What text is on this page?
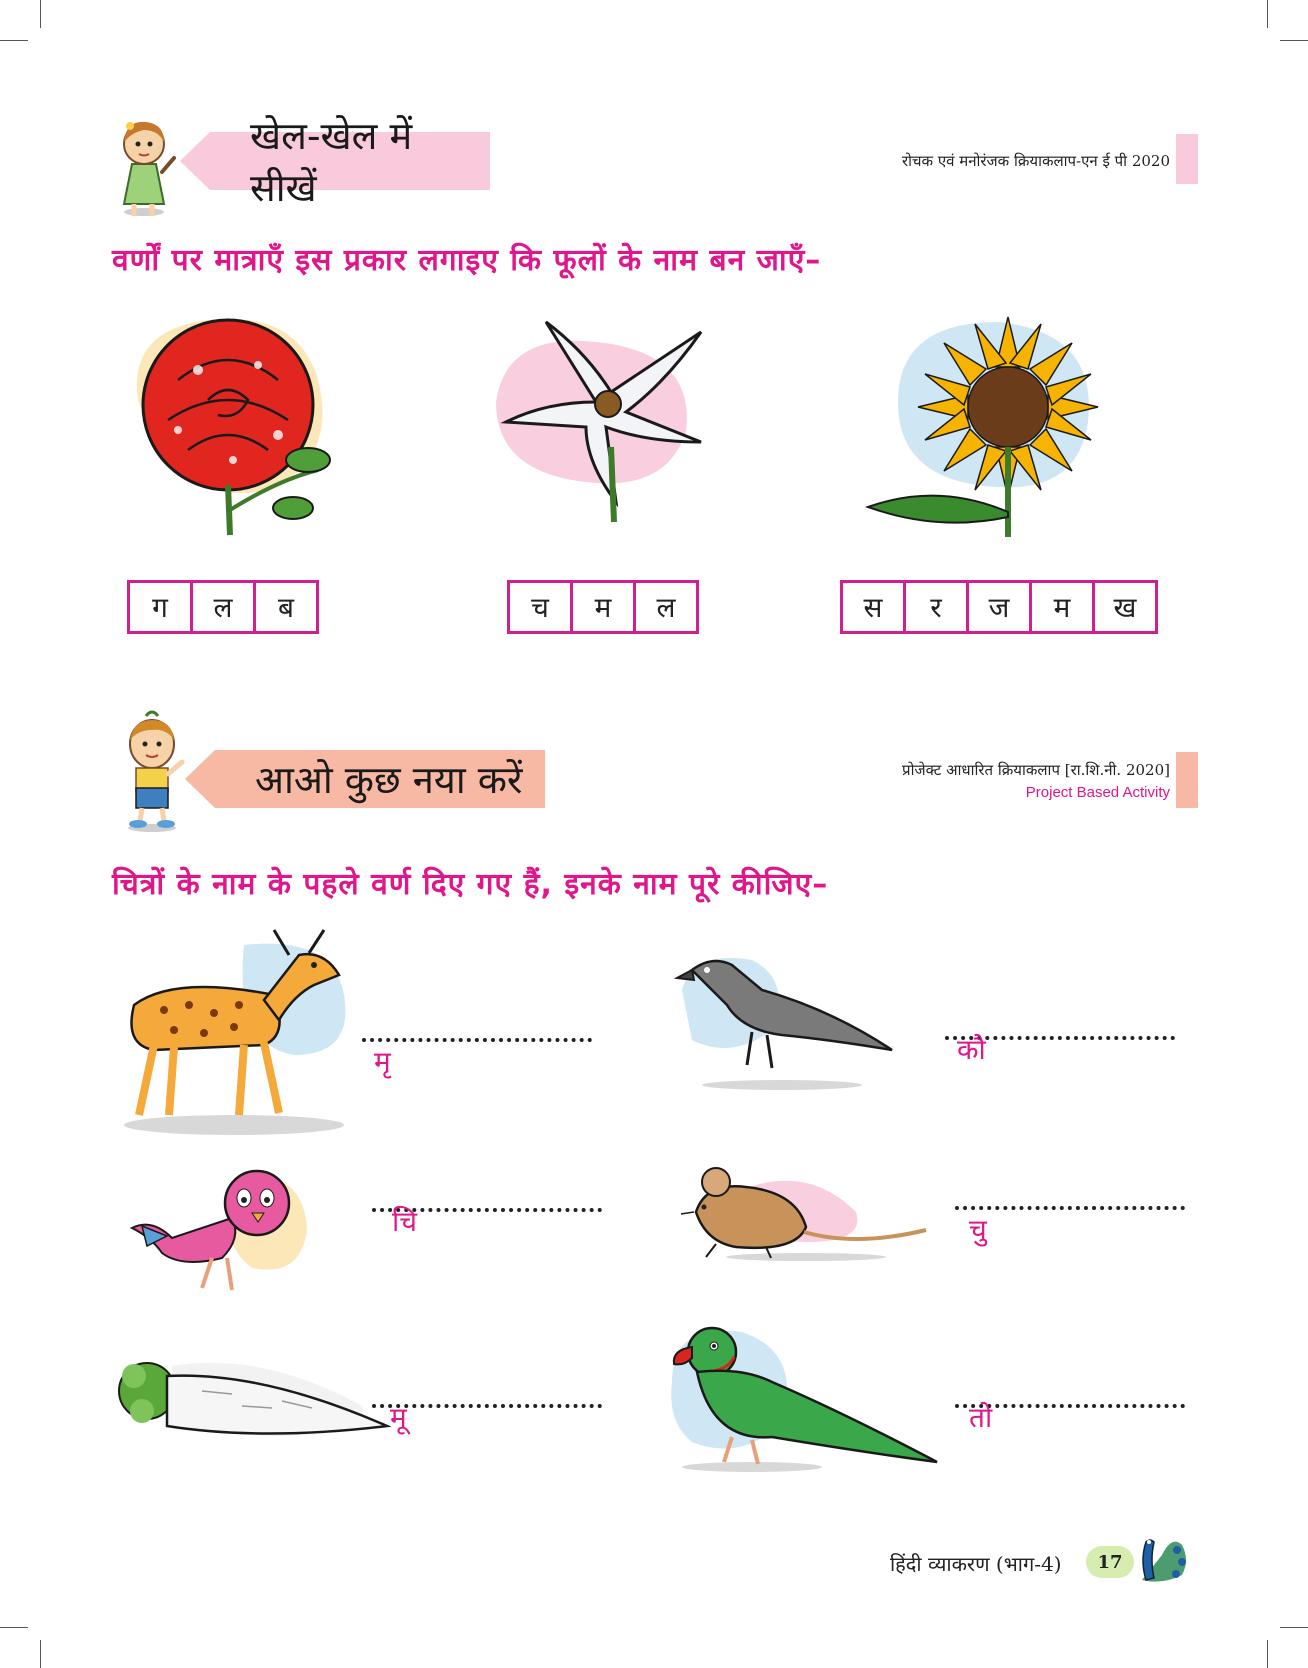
खेल-खेल में सीखें
रोचक एवं मनोरंजक क्रियाकलाप-एन ई पी 2020
वर्णों पर मात्राएँ इस प्रकार लगाइए कि फूलों के नाम बन जाएँ–
ग	ल	ब	च	म	ल	स	र	ज	म	ख
आओ कुछ नया करें	प्रोजेक्ट आधारित क्रियाकलाप [रा.शि.नी. 2020]
Project Based Activity
चित्रों के नाम के पहले वर्ण दिए गए हैं, इनके नाम पूरे कीजिए–
मृ	कौ
चि	चु
मू	तो
हिंदी व्याकरण (भाग-4) 17
